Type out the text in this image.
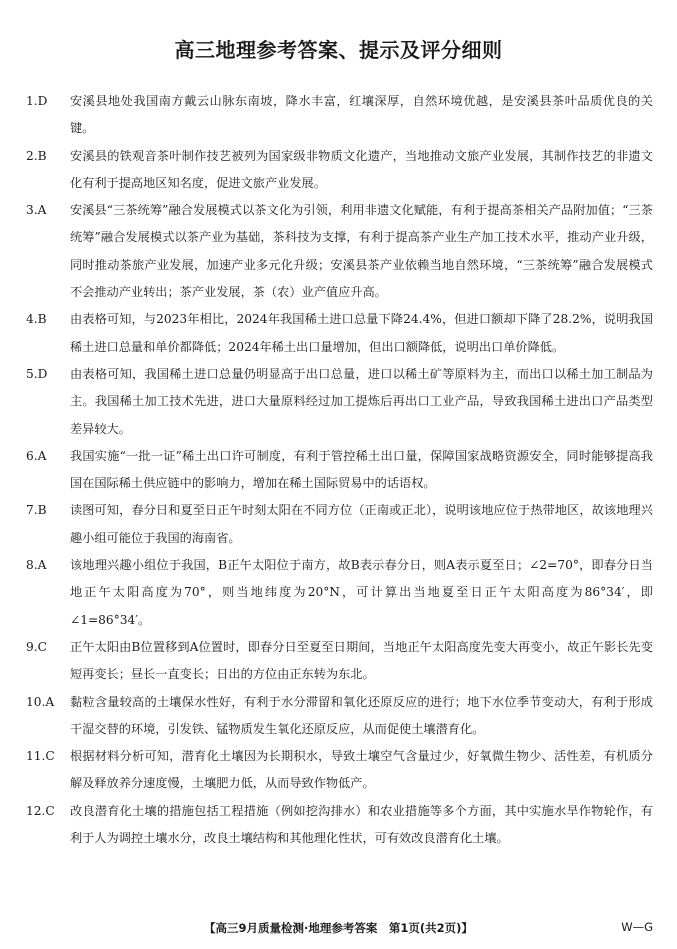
高三地理参考答案、提示及评分细则
1.D	安溪县地处我国南方戴云山脉东南坡，降水丰富，红壤深厚，自然环境优越，是安溪县茶叶品质优良的关键。
2.B	安溪县的铁观音茶叶制作技艺被列为国家级非物质文化遗产，当地推动文旅产业发展，其制作技艺的非遗文化有利于提高地区知名度，促进文旅产业发展。
3.A	安溪县“三茶统筹”融合发展模式以茶文化为引领，利用非遗文化赋能，有利于提高茶相关产品附加值；“三茶统筹”融合发展模式以茶产业为基础，茶科技为支撑，有利于提高茶产业生产加工技术水平，推动产业升级，同时推动茶旅产业发展，加速产业多元化升级；安溪县茶产业依赖当地自然环境，“三茶统筹”融合发展模式不会推动产业转出；茶产业发展，茶（农）业产值应升高。
4.B	由表格可知，与2023年相比，2024年我国稀土进口总量下降24.4%，但进口额却下降了28.2%，说明我国稀土进口总量和单价都降低；2024年稀土出口量增加，但出口额降低，说明出口单价降低。
5.D	由表格可知，我国稀土进口总量仍明显高于出口总量，进口以稀土矿等原料为主，而出口以稀土加工制品为主。我国稀土加工技术先进，进口大量原料经过加工提炼后再出口工业产品，导致我国稀土进出口产品类型差异较大。
6.A	我国实施“一批一证”稀土出口许可制度，有利于管控稀土出口量，保障国家战略资源安全，同时能够提高我国在国际稀土供应链中的影响力，增加在稀土国际贸易中的话语权。
7.B	读图可知，春分日和夏至日正午时刻太阳在不同方位（正南或正北），说明该地应位于热带地区，故该地理兴趣小组可能位于我国的海南省。
8.A	该地理兴趣小组位于我国，B正午太阳位于南方，故B表示春分日，则A表示夏至日；∠2=70°，即春分日当地正午太阳高度为70°，则当地纬度为20°N，可计算出当地夏至日正午太阳高度为86°34′，即∠1=86°34′。
9.C	正午太阳由B位置移到A位置时，即春分日至夏至日期间，当地正午太阳高度先变大再变小，故正午影长先变短再变长；昼长一直变长；日出的方位由正东转为东北。
10.A	黏粒含量较高的土壤保水性好，有利于水分滞留和氧化还原反应的进行；地下水位季节变动大，有利于形成干湿交替的环境，引发铁、锰物质发生氧化还原反应，从而促使土壤潜育化。
11.C	根据材料分析可知，潜育化土壤因为长期积水，导致土壤空气含量过少，好氧微生物少、活性差，有机质分解及释放养分速度慢，土壤肥力低，从而导致作物低产。
12.C	改良潜育化土壤的措施包括工程措施（例如挖沟排水）和农业措施等多个方面，其中实施水旱作物轮作，有利于人为调控土壤水分，改良土壤结构和其他理化性状，可有效改良潜育化土壤。
【高三9月质量检测·地理参考答案　第1页(共2页)】	W—G
